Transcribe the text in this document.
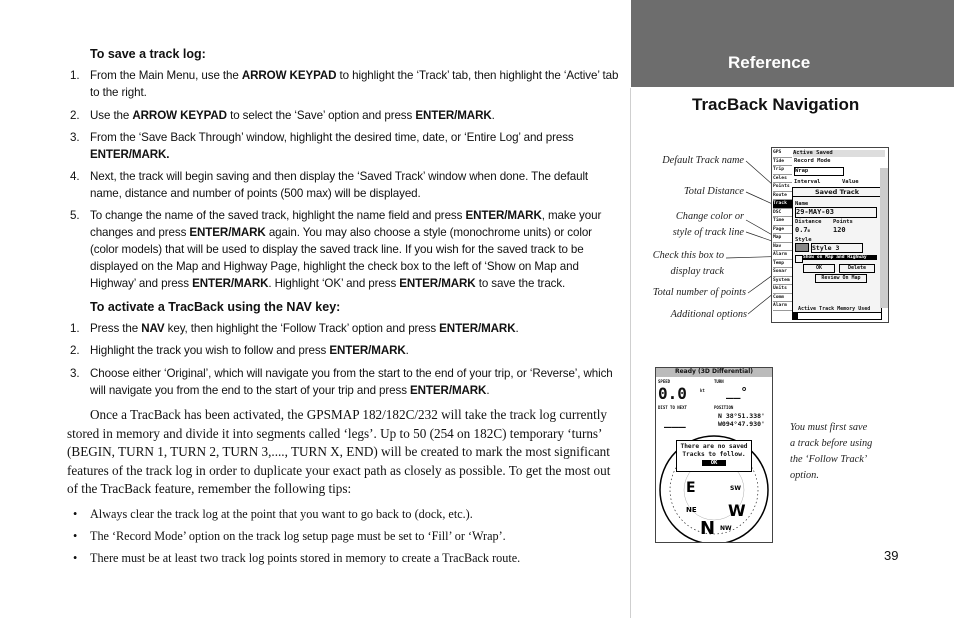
To save a track log:
1. From the Main Menu, use the ARROW KEYPAD to highlight the ‘Track’ tab, then highlight the ‘Active’ tab to the right.
2. Use the ARROW KEYPAD to select the ‘Save’ option and press ENTER/MARK.
3. From the ‘Save Back Through’ window, highlight the desired time, date, or ‘Entire Log’ and press ENTER/MARK.
4. Next, the track will begin saving and then display the ‘Saved Track’ window when done. The default name, distance and number of points (500 max) will be displayed.
5. To change the name of the saved track, highlight the name field and press ENTER/MARK, make your changes and press ENTER/MARK again. You may also choose a style (monochrome units) or color (color models) that will be used to display the saved track line. If you wish for the saved track to be displayed on the Map and Highway Page, highlight the check box to the left of ‘Show on Map and Highway’ and press ENTER/MARK. Highlight ‘OK’ and press ENTER/MARK to save the track.
To activate a TracBack using the NAV key:
1. Press the NAV key, then highlight the ‘Follow Track’ option and press ENTER/MARK.
2. Highlight the track you wish to follow and press ENTER/MARK.
3. Choose either ‘Original’, which will navigate you from the start to the end of your trip, or ‘Reverse’, which will navigate you from the end to the start of your trip and press ENTER/MARK.
Once a TracBack has been activated, the GPSMAP 182/182C/232 will take the track log currently stored in memory and divide it into segments called ‘legs’. Up to 50 (254 on 182C) temporary ‘turns’ (BEGIN, TURN 1, TURN 2, TURN 3,...., TURN X, END) will be created to mark the most significant features of the track log in order to duplicate your exact path as closely as possible. To get the most out of the TracBack feature, remember the following tips:
• Always clear the track log at the point that you want to go back to (dock, etc.).
• The ‘Record Mode’ option on the track log setup page must be set to ‘Fill’ or ‘Wrap’.
• There must be at least two track log points stored in memory to create a TracBack route.
Reference
TracBack Navigation
Default Track name
Total Distance
Change color or
style of track line
Check this box to
display track
Total number of points
Additional options
GPS
Tide
Trip
Celes
Points
Route
Track
DSC
Time
Page
Map
Nav
Alarm
Temp
Sonar
System
Units
Comm
Alarm
Active Saved
Record Mode
Wrap
Interval	Value
Saved Track
Name
29-MAY-03
Distance Points
0.7m	120
Style
Style 3
Show on Map and Highway
OK	Delete
Review On Map
Active Track Memory Used
Ready (3D Differential)
SPEED
0.0	kt
TURN
__°
DIST TO NEXT
___
POSITION
N 38°51.338'
W094°47.930'
E	SW
NE W
N NW
There are no saved
Tracks to follow.
OK
You must first save
a track before using
the ‘Follow Track’
option.
39
